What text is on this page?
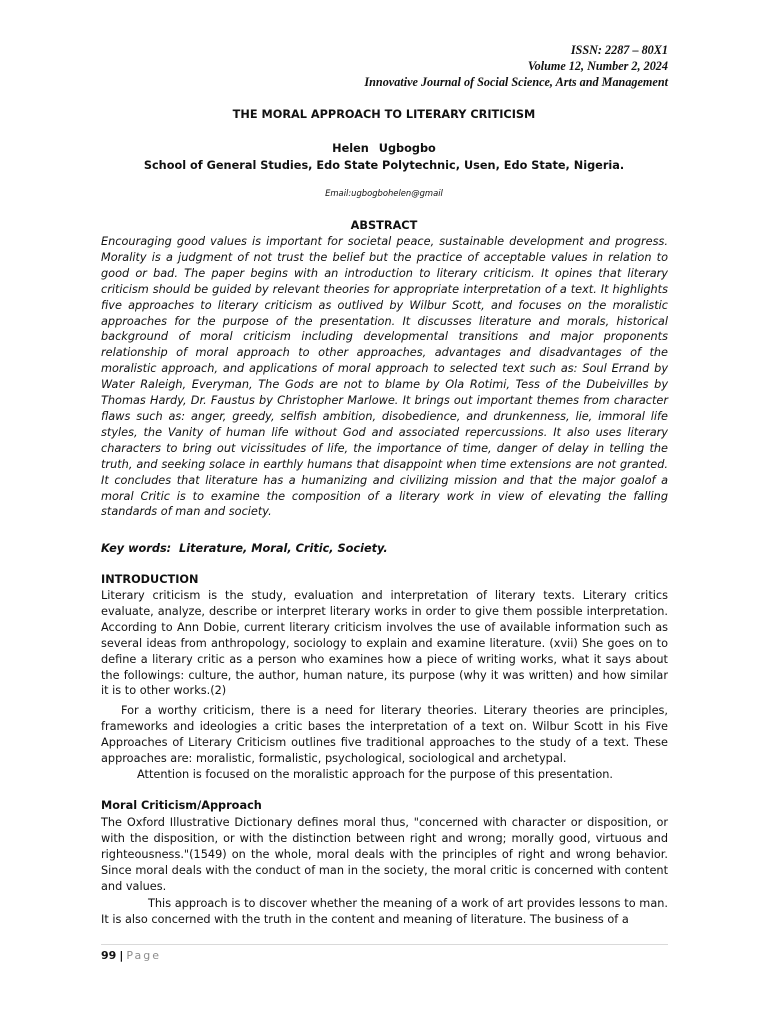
ISSN: 2287 – 80X1
Volume 12, Number 2, 2024
Innovative Journal of Social Science, Arts and Management
THE MORAL APPROACH TO LITERARY CRITICISM
Helen Ugbogbo
School of General Studies, Edo State Polytechnic, Usen, Edo State, Nigeria.
Email:ugbogbohelen@gmail
ABSTRACT

Encouraging good values is important for societal peace, sustainable development and progress. Morality is a judgment of not trust the belief but the practice of acceptable values in relation to good or bad. The paper begins with an introduction to literary criticism. It opines that literary criticism should be guided by relevant theories for appropriate interpretation of a text. It highlights five approaches to literary criticism as outlived by Wilbur Scott, and focuses on the moralistic approaches for the purpose of the presentation. It discusses literature and morals, historical background of moral criticism including developmental transitions and major proponents relationship of moral approach to other approaches, advantages and disadvantages of the moralistic approach, and applications of moral approach to selected text such as: Soul Errand by Water Raleigh, Everyman, The Gods are not to blame by Ola Rotimi, Tess of the Dubeivilles by Thomas Hardy, Dr. Faustus by Christopher Marlowe. It brings out important themes from character flaws such as: anger, greedy, selfish ambition, disobedience, and drunkenness, lie, immoral life styles, the Vanity of human life without God and associated repercussions. It also uses literary characters to bring out vicissitudes of life, the importance of time, danger of delay in telling the truth, and seeking solace in earthly humans that disappoint when time extensions are not granted. It concludes that literature has a humanizing and civilizing mission and that the major goalof a moral Critic is to examine the composition of a literary work in view of elevating the falling standards of man and society.

Key words:  Literature, Moral, Critic, Society.
INTRODUCTION

Literary criticism is the study, evaluation and interpretation of literary texts. Literary critics evaluate, analyze, describe or interpret literary works in order to give them possible interpretation. According to Ann Dobie, current literary criticism involves the use of available information such as several ideas from anthropology, sociology to explain and examine literature. (xvii) She goes on to define a literary critic as a person who examines how a piece of writing works, what it says about the followings: culture, the author, human nature, its purpose (why it was written) and how similar it is to other works.(2)

For a worthy criticism, there is a need for literary theories. Literary theories are principles, frameworks and ideologies a critic bases the interpretation of a text on. Wilbur Scott in his Five Approaches of Literary Criticism outlines five traditional approaches to the study of a text. These approaches are: moralistic, formalistic, psychological, sociological and archetypal.

Attention is focused on the moralistic approach for the purpose of this presentation.

Moral Criticism/Approach

The Oxford Illustrative Dictionary defines moral thus, "concerned with character or disposition, or with the disposition, or with the distinction between right and wrong; morally good, virtuous and righteousness."(1549) on the whole, moral deals with the principles of right and wrong behavior. Since moral deals with the conduct of man in the society, the moral critic is concerned with content and values.

This approach is to discover whether the meaning of a work of art provides lessons to man. It is also concerned with the truth in the content and meaning of literature. The business of a

99 | Page
